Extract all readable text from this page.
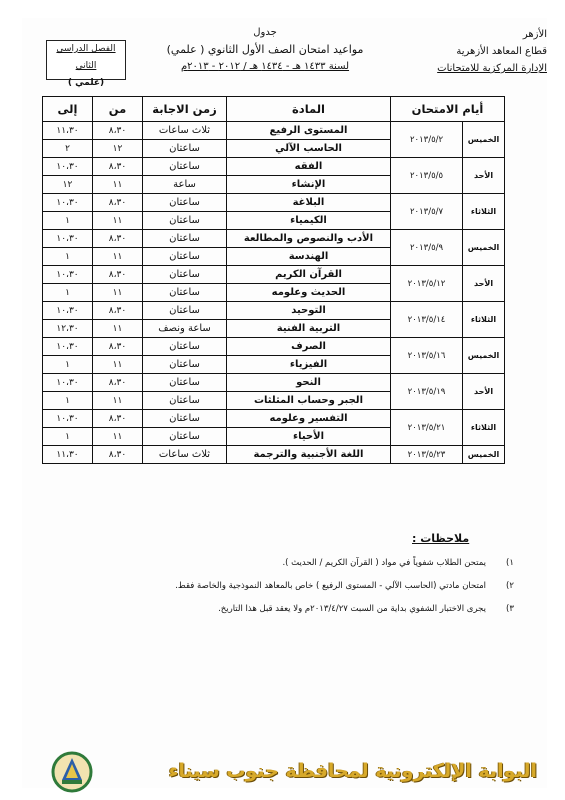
الأزهر
قطاع المعاهد الأزهرية
الإدارة المركزية للامتحانات
جدول
مواعيد امتحان الصف الأول الثانوي ( علمي)
لسنة ١٤٣٣ هـ - ١٤٣٤ هـ / ٢٠١٢ - ٢٠١٣م
الفصل الدراسي الثاني
( علمي)
أيام الامتحان		المادة	زمن الاجابة	من	إلى
الخميس	٢٠١٣/٥/٢	المستوى الرفيع	ثلاث ساعات	٨،٣٠	١١،٣٠
		الحاسب الآلي	ساعتان	١٢	٢
الأحد	٢٠١٣/٥/٥	الفقه	ساعتان	٨،٣٠	١٠،٣٠
		الإنشاء	ساعة	١١	١٢
الثلاثاء	٢٠١٣/٥/٧	البلاغة	ساعتان	٨،٣٠	١٠،٣٠
		الكيمياء	ساعتان	١١	١
الخميس	٢٠١٣/٥/٩	الأدب والنصوص والمطالعة	ساعتان	٨،٣٠	١٠،٣٠
		الهندسة	ساعتان	١١	١
الأحد	٢٠١٣/٥/١٢	القرآن الكريم	ساعتان	٨،٣٠	١٠،٣٠
		الحديث وعلومه	ساعتان	١١	١
الثلاثاء	٢٠١٣/٥/١٤	التوحيد	ساعتان	٨،٣٠	١٠،٣٠
		التربية الفنية	ساعة ونصف	١١	١٢،٣٠
الخميس	٢٠١٣/٥/١٦	الصرف	ساعتان	٨،٣٠	١٠،٣٠
		الفيزياء	ساعتان	١١	١
الأحد	٢٠١٣/٥/١٩	النحو	ساعتان	٨،٣٠	١٠،٣٠
		الجبر وحساب المثلثات	ساعتان	١١	١
الثلاثاء	٢٠١٣/٥/٢١	التفسير وعلومه	ساعتان	٨،٣٠	١٠،٣٠
		الأحياء	ساعتان	١١	١
الخميس	٢٠١٣/٥/٢٣	اللغة الأجنبية والترجمة	ثلاث ساعات	٨،٣٠	١١،٣٠
ملاحظات :
١)
يمتحن الطلاب شفوياً في مواد ( القرآن الكريم / الحديث ).
٢)
امتحان مادتي (الحاسب الآلي - المستوى الرفيع ) خاص بالمعاهد النموذجية والخاصة فقط.
٣)
يجرى الاختبار الشفوي بداية من السبت ٢٠١٣/٤/٢٧م ولا يعقد قبل هذا التاريخ.
البوابة الإلكترونية لمحافظة جنوب سيناء
